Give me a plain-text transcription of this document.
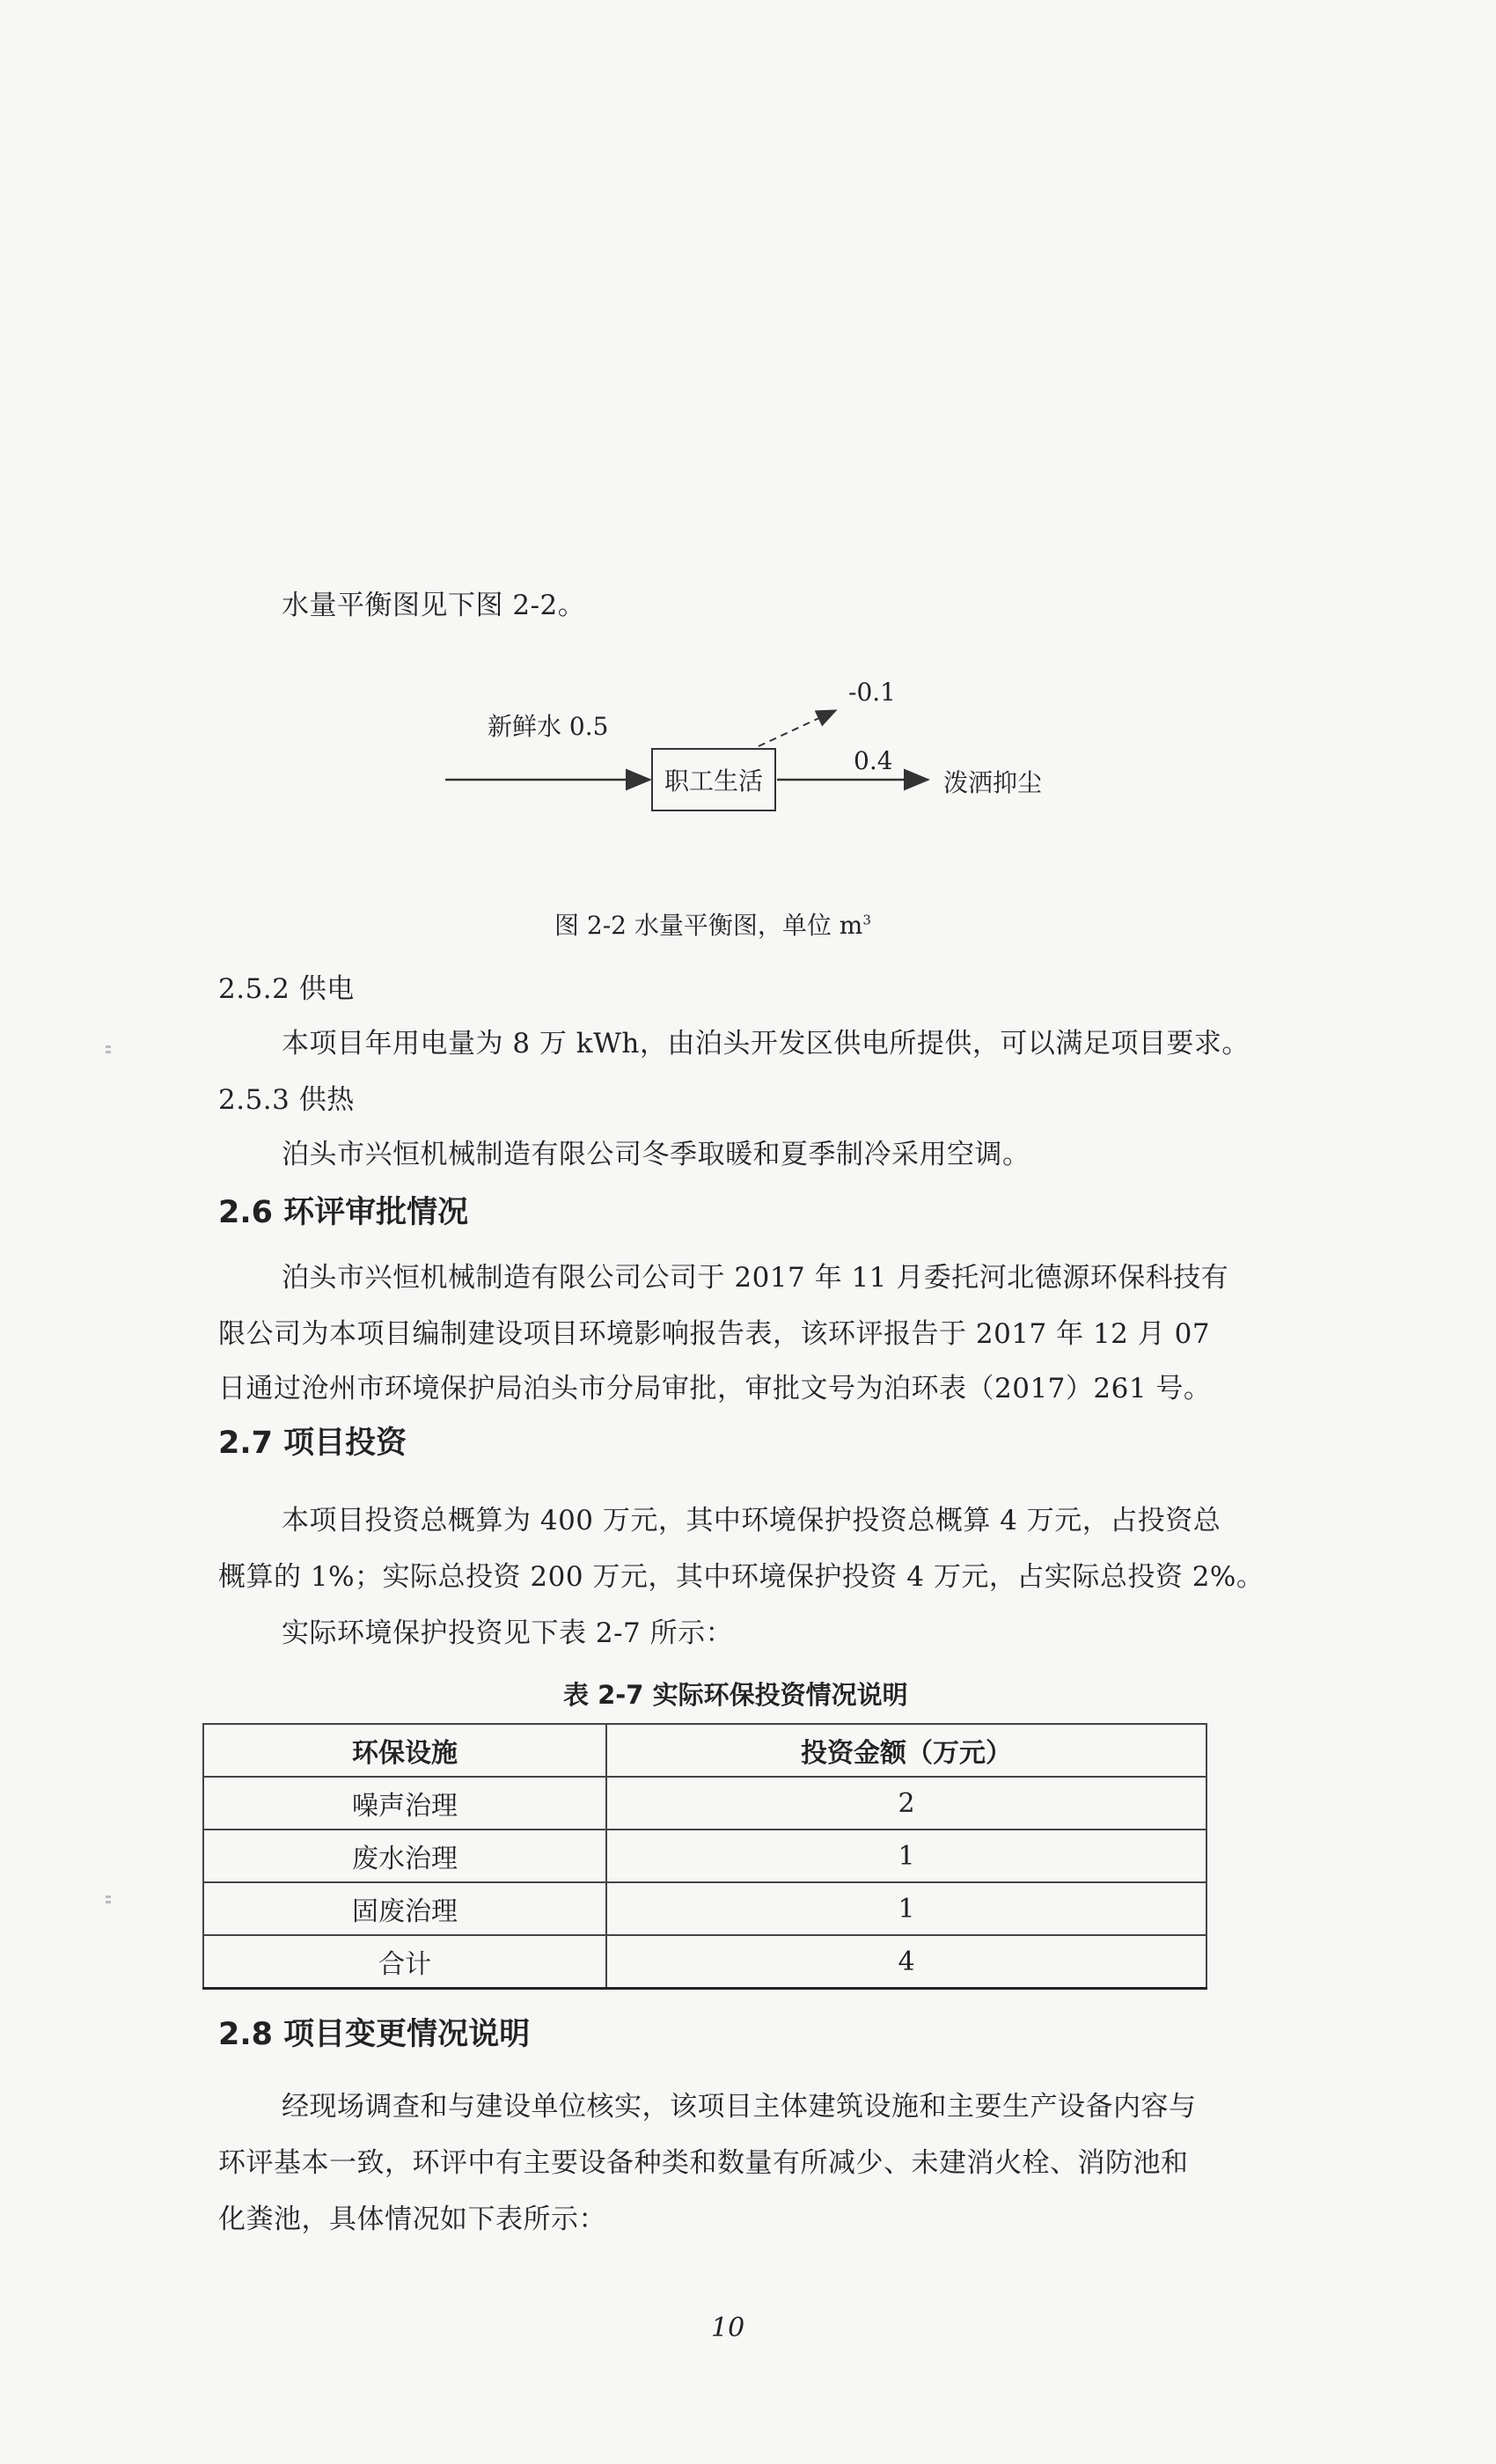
水量平衡图见下图 2-2。
新鲜水 0.5
职工生活
-0.1
0.4
泼洒抑尘
图 2-2 水量平衡图，单位 $m^3$
2.5.2 供电
本项目年用电量为 8 万 kWh，由泊头开发区供电所提供，可以满足项目要求。
2.5.3 供热
泊头市兴恒机械制造有限公司冬季取暖和夏季制冷采用空调。
2.6 环评审批情况
泊头市兴恒机械制造有限公司公司于 2017 年 11 月委托河北德源环保科技有
限公司为本项目编制建设项目环境影响报告表，该环评报告于 2017 年 12 月 07
日通过沧州市环境保护局泊头市分局审批，审批文号为泊环表（2017）261 号。
2.7 项目投资
本项目投资总概算为 400 万元，其中环境保护投资总概算 4 万元，占投资总
概算的 1%；实际总投资 200 万元，其中环境保护投资 4 万元，占实际总投资 2%。
实际环境保护投资见下表 2-7 所示：
表 2-7 实际环保投资情况说明
环保设施	投资金额（万元）
噪声治理	2
废水治理	1
固废治理	1
合计	4
2.8 项目变更情况说明
经现场调查和与建设单位核实，该项目主体建筑设施和主要生产设备内容与
环评基本一致，环评中有主要设备种类和数量有所减少、未建消火栓、消防池和
化粪池，具体情况如下表所示：
10
